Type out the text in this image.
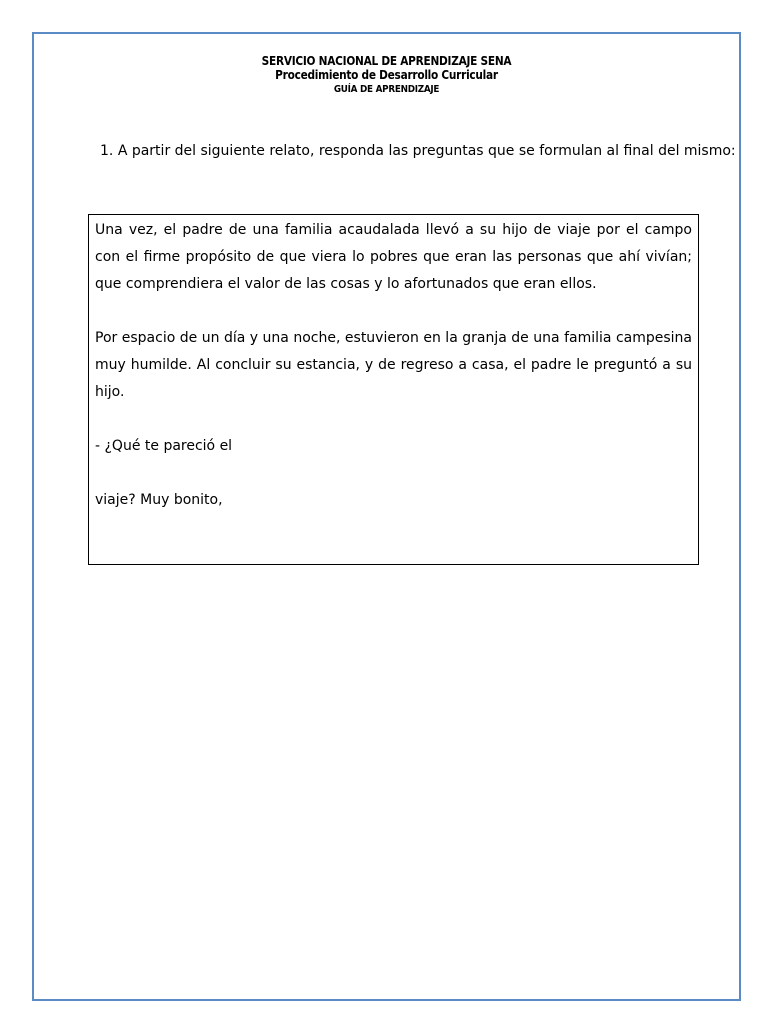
SERVICIO NACIONAL DE APRENDIZAJE SENA
Procedimiento de Desarrollo Curricular
GUÍA DE APRENDIZAJE
1. A partir del siguiente relato, responda las preguntas que se formulan al final del mismo:

Una vez, el padre de una familia acaudalada llevó a su hijo de viaje por el campo con el firme propósito de que viera lo pobres que eran las personas que ahí vivían; que comprendiera el valor de las cosas y lo afortunados que eran ellos.

Por espacio de un día y una noche, estuvieron en la granja de una familia campesina muy humilde. Al concluir su estancia, y de regreso a casa, el padre le preguntó a su hijo.

- ¿Qué te pareció el

viaje? Muy bonito,
